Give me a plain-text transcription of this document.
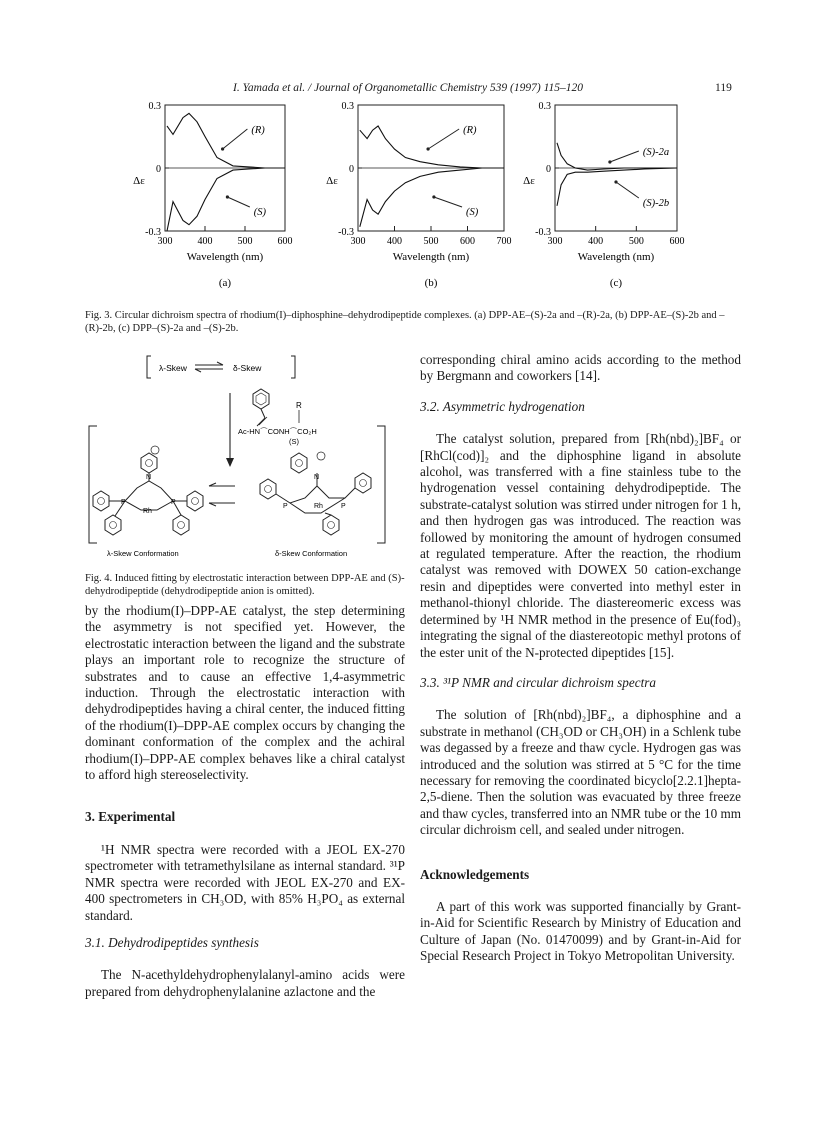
I. Yamada et al. / Journal of Organometallic Chemistry 539 (1997) 115–120	119
300	400	500	600
0.3
0
-0.3
Δε
Wavelength (nm)
(a)
(R)
(S)
300 400 500 600 700
0.3
0
-0.3
Δε
Wavelength (nm)
(b)
(R)
(S)
300	400	500	600
0.3
0
-0.3
Δε
Wavelength (nm)
(c)
(S)-2a
(S)-2b
Fig. 3. Circular dichroism spectra of rhodium(I)–diphosphine–dehydrodipeptide complexes. (a) DPP-AE–(S)-2a and –(R)-2a, (b) DPP-AE–(S)-2b and –(R)-2b, (c) DPP–(S)-2a and –(S)-2b.
λ-Skew	δ-Skew
R
Ac-HN⌒CONH⌒CO₂H
(S)
P
Rh
P
N
P	Rh	P
N
λ-Skew Conformation	δ-Skew Conformation
Fig. 4. Induced fitting by electrostatic interaction between DPP-AE and (S)-dehydrodipeptide (dehydrodipeptide anion is omitted).

by the rhodium(I)–DPP-AE catalyst, the step determining the asymmetry is not specified yet. However, the electrostatic interaction between the ligand and the substrate plays an important role to recognize the structure of substrates and to cause an effective 1,4-asymmetric induction. Through the electrostatic interaction with dehydrodipeptides having a chiral center, the induced fitting of the rhodium(I)–DPP-AE complex occurs by changing the dominant conformation of the complex and the achiral rhodium(I)–DPP-AE complex behaves like a chiral catalyst to afford high stereoselectivity.

3. Experimental

¹H NMR spectra were recorded with a JEOL EX-270 spectrometer with tetramethylsilane as internal standard. ³¹P NMR spectra were recorded with JEOL EX-270 and EX-400 spectrometers in CH₃OD, with 85% H₃PO₄ as external standard.

3.1. Dehydrodipeptides synthesis

The N-acethyldehydrophenylalanyl-amino acids were prepared from dehydrophenylalanine azlactone and the

corresponding chiral amino acids according to the method by Bergmann and coworkers [14].

3.2. Asymmetric hydrogenation

The catalyst solution, prepared from [Rh(nbd)₂]BF₄ or [RhCl(cod)]₂ and the diphosphine ligand in absolute alcohol, was transferred with a fine stainless tube to the hydrogenation vessel containing dehydrodipeptide. The substrate-catalyst solution was stirred under nitrogen for 1 h, and then hydrogen gas was introduced. The reaction was followed by monitoring the amount of hydrogen consumed at regulated temperature. After the reaction, the rhodium catalyst was removed with DOWEX 50 cation-exchange resin and dipeptides were converted into methyl ester in methanol-thionyl chloride. The diastereomeric excess was determined by ¹H NMR method in the presence of Eu(fod)₃ integrating the signal of the diastereotopic methyl protons of the ester unit of the N-protected dipeptides [15].

3.3. ³¹P NMR and circular dichroism spectra

The solution of [Rh(nbd)₂]BF₄, a diphosphine and a substrate in methanol (CH₃OD or CH₃OH) in a Schlenk tube was degassed by a freeze and thaw cycle. Hydrogen gas was introduced and the solution was stirred at 5 °C for the time necessary for removing the coordinated bicyclo[2.2.1]hepta-2,5-diene. Then the solution was evacuated by three freeze and thaw cycles, transferred into an NMR tube or the 10 mm circular dichroism cell, and sealed under nitrogen.

Acknowledgements

A part of this work was supported financially by Grant-in-Aid for Scientific Research by Ministry of Education and Culture of Japan (No. 01470099) and by Grant-in-Aid for Special Research Project in Tokyo Metropolitan University.
